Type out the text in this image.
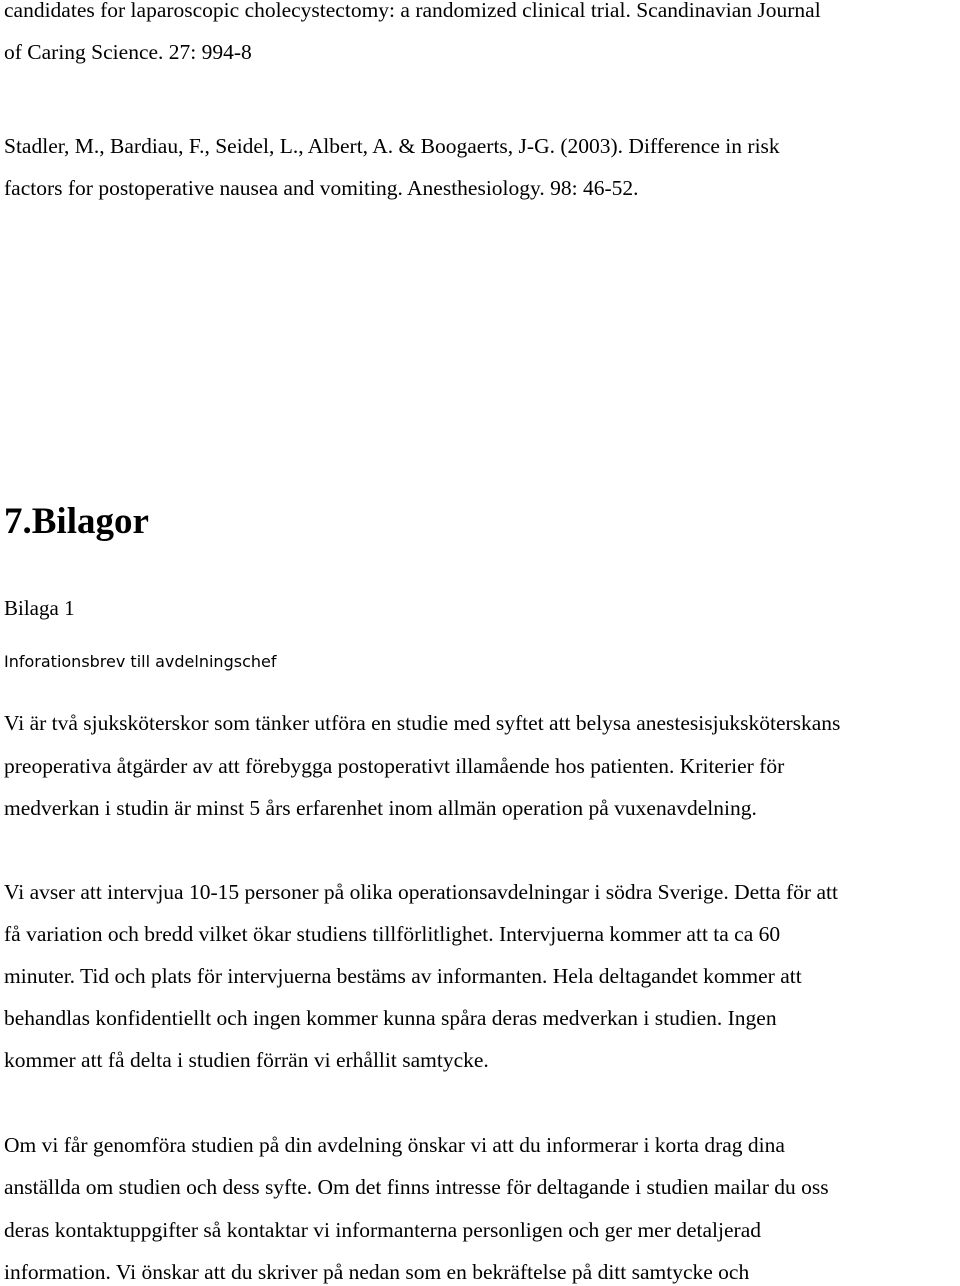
candidates for laparoscopic cholecystectomy: a randomized clinical trial. Scandinavian Journal
of Caring Science. 27: 994-8
Stadler, M., Bardiau, F., Seidel, L., Albert, A. & Boogaerts, J-G. (2003). Difference in risk
factors for postoperative nausea and vomiting. Anesthesiology. 98: 46-52.
7.Bilagor
Bilaga 1
Inforationsbrev till avdelningschef
Vi är två sjuksköterskor som tänker utföra en studie med syftet att belysa anestesisjuksköterskans
preoperativa åtgärder av att förebygga postoperativt illamående hos patienten. Kriterier för
medverkan i studin är minst 5 års erfarenhet inom allmän operation på vuxenavdelning.
Vi avser att intervjua 10-15 personer på olika operationsavdelningar i södra Sverige. Detta för att
få variation och bredd vilket ökar studiens tillförlitlighet. Intervjuerna kommer att ta ca 60
minuter. Tid och plats för intervjuerna bestäms av informanten. Hela deltagandet kommer att
behandlas konfidentiellt och ingen kommer kunna spåra deras medverkan i studien. Ingen
kommer att få delta i studien förrän vi erhållit samtycke.
Om vi får genomföra studien på din avdelning önskar vi att du informerar i korta drag dina
anställda om studien och dess syfte. Om det finns intresse för deltagande i studien mailar du oss
deras kontaktuppgifter så kontaktar vi informanterna personligen och ger mer detaljerad
information. Vi önskar att du skriver på nedan som en bekräftelse på ditt samtycke och
